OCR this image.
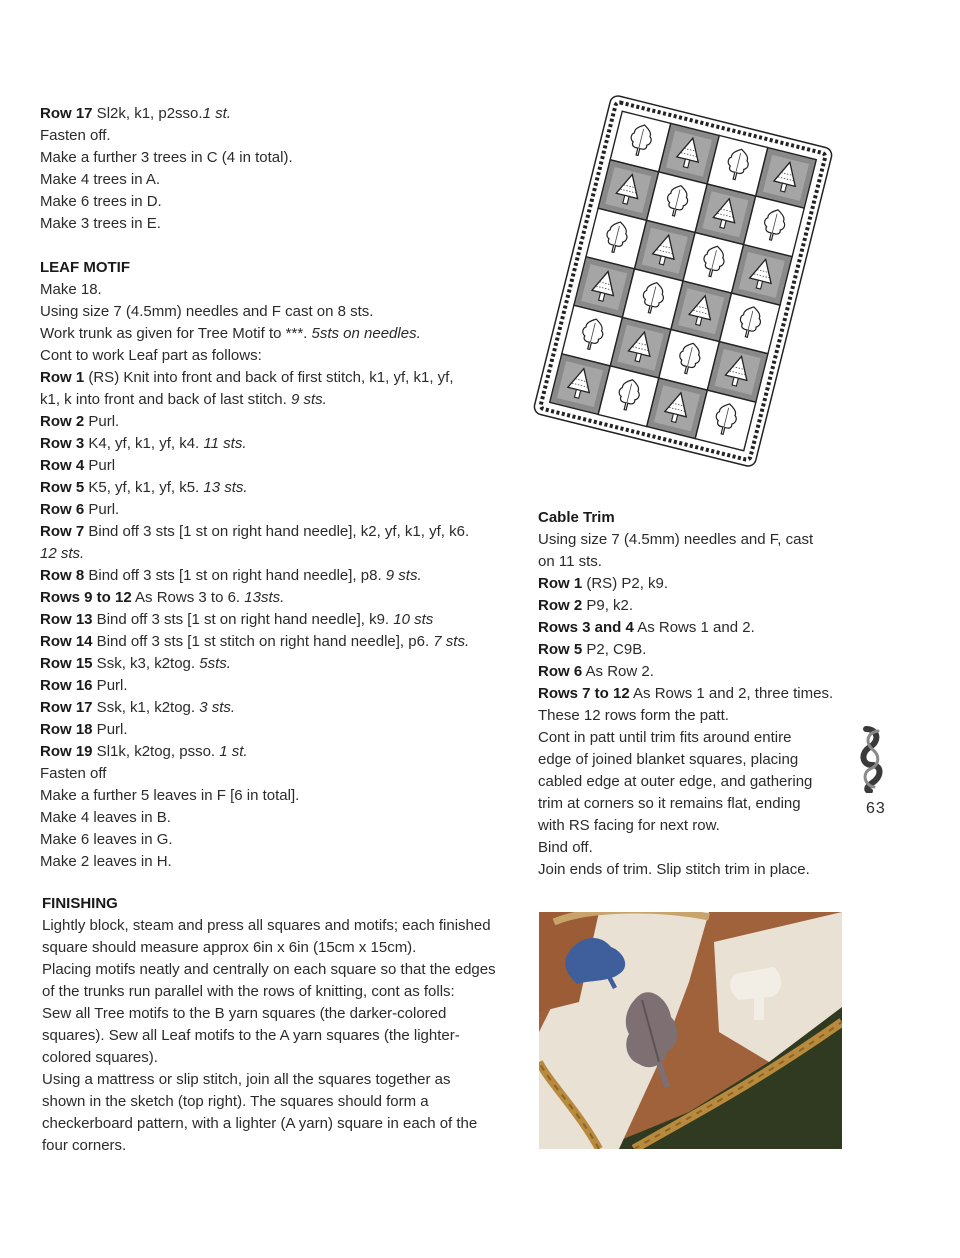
Row 17 Sl2k, k1, p2sso.1 st.
Fasten off.
Make a further 3 trees in C (4 in total).
Make 4 trees in A.
Make 6 trees in D.
Make 3 trees in E.
LEAF MOTIF
Make 18.
Using size 7 (4.5mm) needles and F cast on 8 sts.
Work trunk as given for Tree Motif to ***. 5sts on needles.
Cont to work Leaf part as follows:
Row 1 (RS) Knit into front and back of first stitch, k1, yf, k1, yf,
k1, k into front and back of last stitch. 9 sts.
Row 2 Purl.
Row 3 K4, yf, k1, yf, k4. 11 sts.
Row 4 Purl
Row 5 K5, yf, k1, yf, k5. 13 sts.
Row 6 Purl.
Row 7 Bind off 3 sts [1 st on right hand needle], k2, yf, k1, yf, k6.
12 sts.
Row 8 Bind off 3 sts [1 st on right hand needle], p8. 9 sts.
Rows 9 to 12 As Rows 3 to 6. 13sts.
Row 13 Bind off 3 sts [1 st on right hand needle], k9. 10 sts
Row 14 Bind off 3 sts [1 st stitch on right hand needle], p6. 7 sts.
Row 15 Ssk, k3, k2tog. 5sts.
Row 16 Purl.
Row 17 Ssk, k1, k2tog. 3 sts.
Row 18 Purl.
Row 19 Sl1k, k2tog, psso. 1 st.
Fasten off
Make a further 5 leaves in F [6 in total].
Make 4 leaves in B.
Make 6 leaves in G.
Make 2 leaves in H.
FINISHING
Lightly block, steam and press all squares and motifs; each finished
square should measure approx 6in x 6in (15cm x 15cm).
Placing motifs neatly and centrally on each square so that the edges
of the trunks run parallel with the rows of knitting, cont as folls:
Sew all Tree motifs to the B yarn squares (the darker-colored
squares). Sew all Leaf motifs to the A yarn squares (the lighter-
colored squares).
Using a mattress or slip stitch, join all the squares together as
shown in the sketch (top right). The squares should form a
checkerboard pattern, with a lighter (A yarn) square in each of the
four corners.
Cable Trim
Using size 7 (4.5mm) needles and F, cast
on 11 sts.
Row 1 (RS) P2, k9.
Row 2 P9, k2.
Rows 3 and 4 As Rows 1 and 2.
Row 5 P2, C9B.
Row 6 As Row 2.
Rows 7 to 12 As Rows 1 and 2, three times.
These 12 rows form the patt.
Cont in patt until trim fits around entire
edge of joined blanket squares, placing
cabled edge at outer edge, and gathering
trim at corners so it remains flat, ending
with RS facing for next row.
Bind off.
Join ends of trim. Slip stitch trim in place.
63
